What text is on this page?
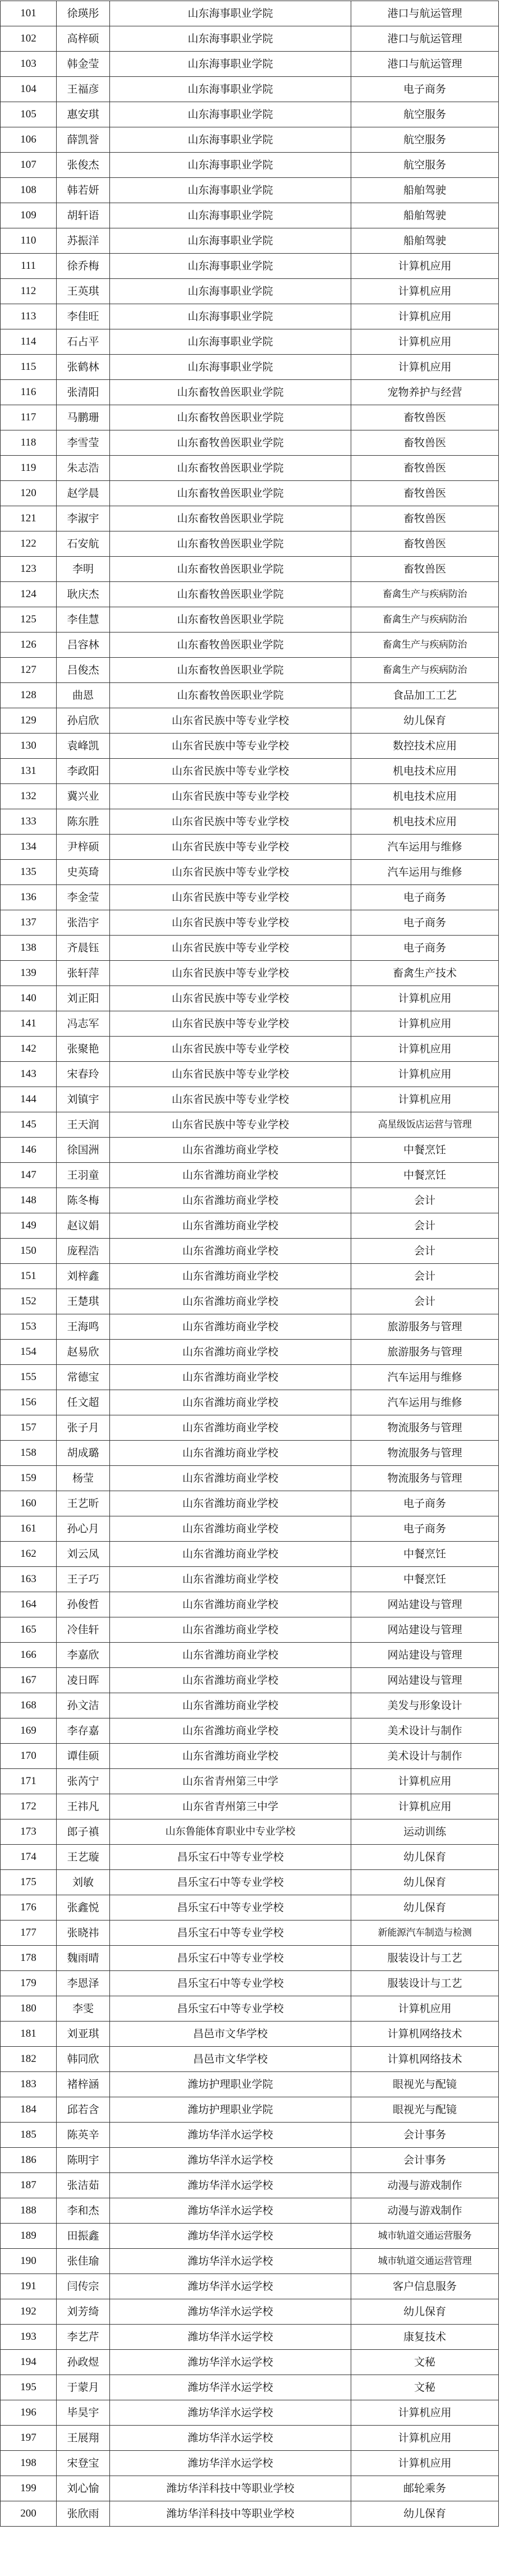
101	徐瑛彤	山东海事职业学院	港口与航运管理
102	高梓硕	山东海事职业学院	港口与航运管理
103	韩金莹	山东海事职业学院	港口与航运管理
104	王福彦	山东海事职业学院	电子商务
105	惠安琪	山东海事职业学院	航空服务
106	薛凯誉	山东海事职业学院	航空服务
107	张俊杰	山东海事职业学院	航空服务
108	韩若妍	山东海事职业学院	船舶驾驶
109	胡轩语	山东海事职业学院	船舶驾驶
110	苏振洋	山东海事职业学院	船舶驾驶
111	徐乔梅	山东海事职业学院	计算机应用
112	王英琪	山东海事职业学院	计算机应用
113	李佳旺	山东海事职业学院	计算机应用
114	石占平	山东海事职业学院	计算机应用
115	张鹤林	山东海事职业学院	计算机应用
116	张清阳	山东畜牧兽医职业学院	宠物养护与经营
117	马鹏珊	山东畜牧兽医职业学院	畜牧兽医
118	李雪莹	山东畜牧兽医职业学院	畜牧兽医
119	朱志浩	山东畜牧兽医职业学院	畜牧兽医
120	赵学晨	山东畜牧兽医职业学院	畜牧兽医
121	李淑宇	山东畜牧兽医职业学院	畜牧兽医
122	石安航	山东畜牧兽医职业学院	畜牧兽医
123	李明	山东畜牧兽医职业学院	畜牧兽医
124	耿庆杰	山东畜牧兽医职业学院	畜禽生产与疾病防治
125	李佳慧	山东畜牧兽医职业学院	畜禽生产与疾病防治
126	吕容林	山东畜牧兽医职业学院	畜禽生产与疾病防治
127	吕俊杰	山东畜牧兽医职业学院	畜禽生产与疾病防治
128	曲恩	山东畜牧兽医职业学院	食品加工工艺
129	孙启欣	山东省民族中等专业学校	幼儿保育
130	袁峰凯	山东省民族中等专业学校	数控技术应用
131	李政阳	山东省民族中等专业学校	机电技术应用
132	冀兴业	山东省民族中等专业学校	机电技术应用
133	陈东胜	山东省民族中等专业学校	机电技术应用
134	尹梓硕	山东省民族中等专业学校	汽车运用与维修
135	史英琦	山东省民族中等专业学校	汽车运用与维修
136	李金莹	山东省民族中等专业学校	电子商务
137	张浩宇	山东省民族中等专业学校	电子商务
138	齐晨钰	山东省民族中等专业学校	电子商务
139	张轩萍	山东省民族中等专业学校	畜禽生产技术
140	刘正阳	山东省民族中等专业学校	计算机应用
141	冯志军	山东省民族中等专业学校	计算机应用
142	张聚艳	山东省民族中等专业学校	计算机应用
143	宋春玲	山东省民族中等专业学校	计算机应用
144	刘镇宇	山东省民族中等专业学校	计算机应用
145	王天润	山东省民族中等专业学校	高星级饭店运营与管理
146	徐国洲	山东省潍坊商业学校	中餐烹饪
147	王羽童	山东省潍坊商业学校	中餐烹饪
148	陈冬梅	山东省潍坊商业学校	会计
149	赵议娟	山东省潍坊商业学校	会计
150	庞程浩	山东省潍坊商业学校	会计
151	刘梓鑫	山东省潍坊商业学校	会计
152	王楚琪	山东省潍坊商业学校	会计
153	王海鸣	山东省潍坊商业学校	旅游服务与管理
154	赵易欣	山东省潍坊商业学校	旅游服务与管理
155	常德宝	山东省潍坊商业学校	汽车运用与维修
156	任文超	山东省潍坊商业学校	汽车运用与维修
157	张子月	山东省潍坊商业学校	物流服务与管理
158	胡成璐	山东省潍坊商业学校	物流服务与管理
159	杨莹	山东省潍坊商业学校	物流服务与管理
160	王艺昕	山东省潍坊商业学校	电子商务
161	孙心月	山东省潍坊商业学校	电子商务
162	刘云凤	山东省潍坊商业学校	中餐烹饪
163	王子巧	山东省潍坊商业学校	中餐烹饪
164	孙俊哲	山东省潍坊商业学校	网站建设与管理
165	冷佳轩	山东省潍坊商业学校	网站建设与管理
166	李嘉欣	山东省潍坊商业学校	网站建设与管理
167	凌日晖	山东省潍坊商业学校	网站建设与管理
168	孙文洁	山东省潍坊商业学校	美发与形象设计
169	李存嘉	山东省潍坊商业学校	美术设计与制作
170	谭佳硕	山东省潍坊商业学校	美术设计与制作
171	张芮宁	山东省青州第三中学	计算机应用
172	王祎凡	山东省青州第三中学	计算机应用
173	郎子禛	山东鲁能体育职业中专业学校	运动训练
174	王艺璇	昌乐宝石中等专业学校	幼儿保育
175	刘敏	昌乐宝石中等专业学校	幼儿保育
176	张鑫悦	昌乐宝石中等专业学校	幼儿保育
177	张晓祎	昌乐宝石中等专业学校	新能源汽车制造与检测
178	魏雨晴	昌乐宝石中等专业学校	服装设计与工艺
179	李恩泽	昌乐宝石中等专业学校	服装设计与工艺
180	李雯	昌乐宝石中等专业学校	计算机应用
181	刘亚琪	昌邑市文华学校	计算机网络技术
182	韩同欣	昌邑市文华学校	计算机网络技术
183	褚梓涵	潍坊护理职业学院	眼视光与配镜
184	邱若含	潍坊护理职业学院	眼视光与配镜
185	陈英辛	潍坊华洋水运学校	会计事务
186	陈明宇	潍坊华洋水运学校	会计事务
187	张洁茹	潍坊华洋水运学校	动漫与游戏制作
188	李和杰	潍坊华洋水运学校	动漫与游戏制作
189	田振鑫	潍坊华洋水运学校	城市轨道交通运营服务
190	张佳瑜	潍坊华洋水运学校	城市轨道交通运营管理
191	闫传宗	潍坊华洋水运学校	客户信息服务
192	刘芳绮	潍坊华洋水运学校	幼儿保育
193	李艺芹	潍坊华洋水运学校	康复技术
194	孙政煜	潍坊华洋水运学校	文秘
195	于蒙月	潍坊华洋水运学校	文秘
196	毕昊宇	潍坊华洋水运学校	计算机应用
197	王展翔	潍坊华洋水运学校	计算机应用
198	宋登宝	潍坊华洋水运学校	计算机应用
199	刘心愉	潍坊华洋科技中等职业学校	邮轮乘务
200	张欣雨	潍坊华洋科技中等职业学校	幼儿保育
